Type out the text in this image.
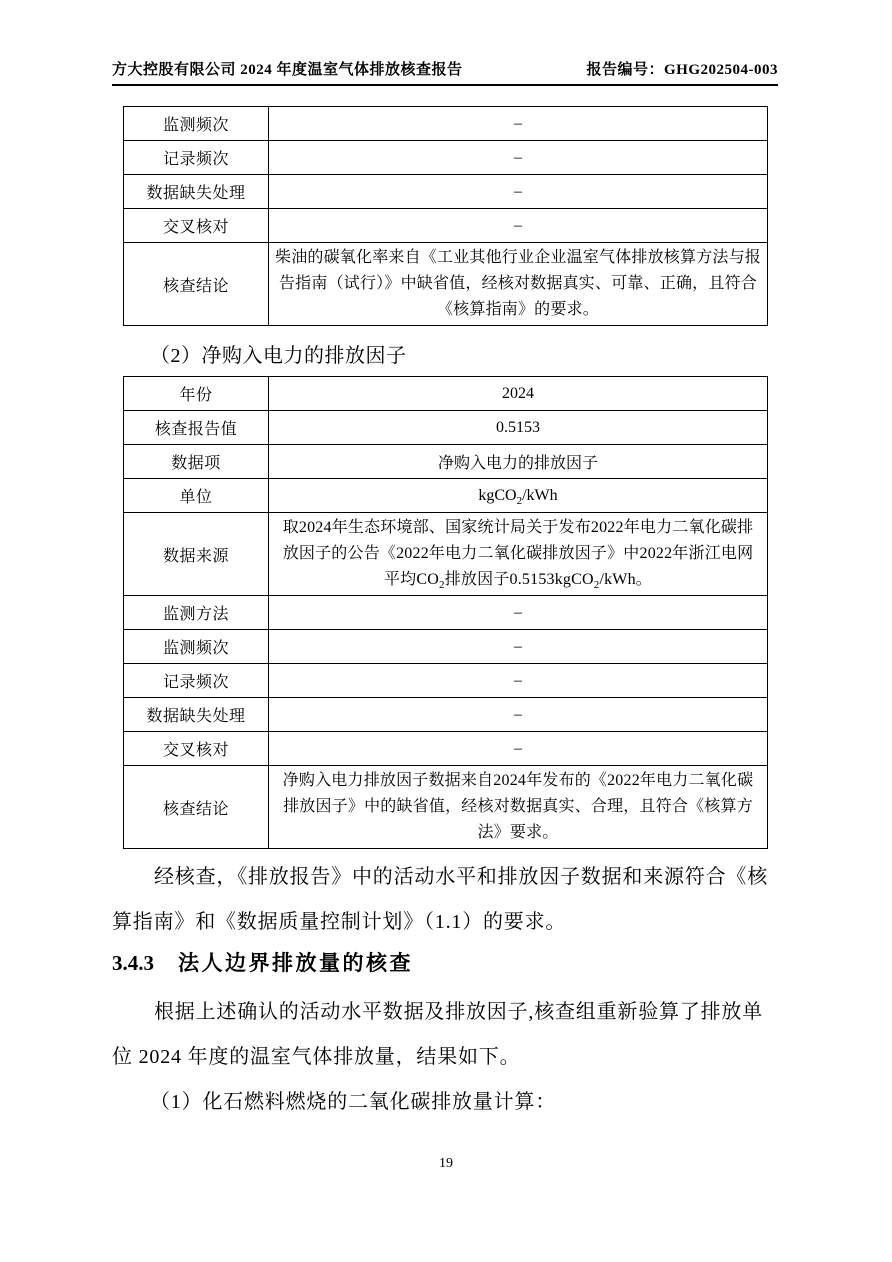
方大控股有限公司 2024 年度温室气体排放核查报告	报告编号：GHG202504-003
监测频次	–
记录频次	–
数据缺失处理	–
交叉核对	–
核查结论	柴油的碳氧化率来自《工业其他行业企业温室气体排放核算方法与报告指南（试行）》中缺省值，经核对数据真实、可靠、正确，且符合《核算指南》的要求。
（2）净购入电力的排放因子
年份	2024
核查报告值	0.5153
数据项	净购入电力的排放因子
单位	kgCO$_2$/kWh
数据来源	取2024年生态环境部、国家统计局关于发布2022年电力二氧化碳排放因子的公告《2022年电力二氧化碳排放因子》中2022年浙江电网平均$CO_2$排放因子0.5153kgCO$_2$/kWh。
监测方法	–
监测频次	–
记录频次	–
数据缺失处理	–
交叉核对	–
核查结论	净购入电力排放因子数据来自2024年发布的《2022年电力二氧化碳排放因子》中的缺省值，经核对数据真实、合理，且符合《核算方法》要求。

经核查，《排放报告》中的活动水平和排放因子数据和来源符合《核
算指南》和《数据质量控制计划》（1.1）的要求。

3.4.3 法人边界排放量的核查

根据上述确认的活动水平数据及排放因子,核查组重新验算了排放单
位 2024 年度的温室气体排放量，结果如下。

（1）化石燃料燃烧的二氧化碳排放量计算：

19
